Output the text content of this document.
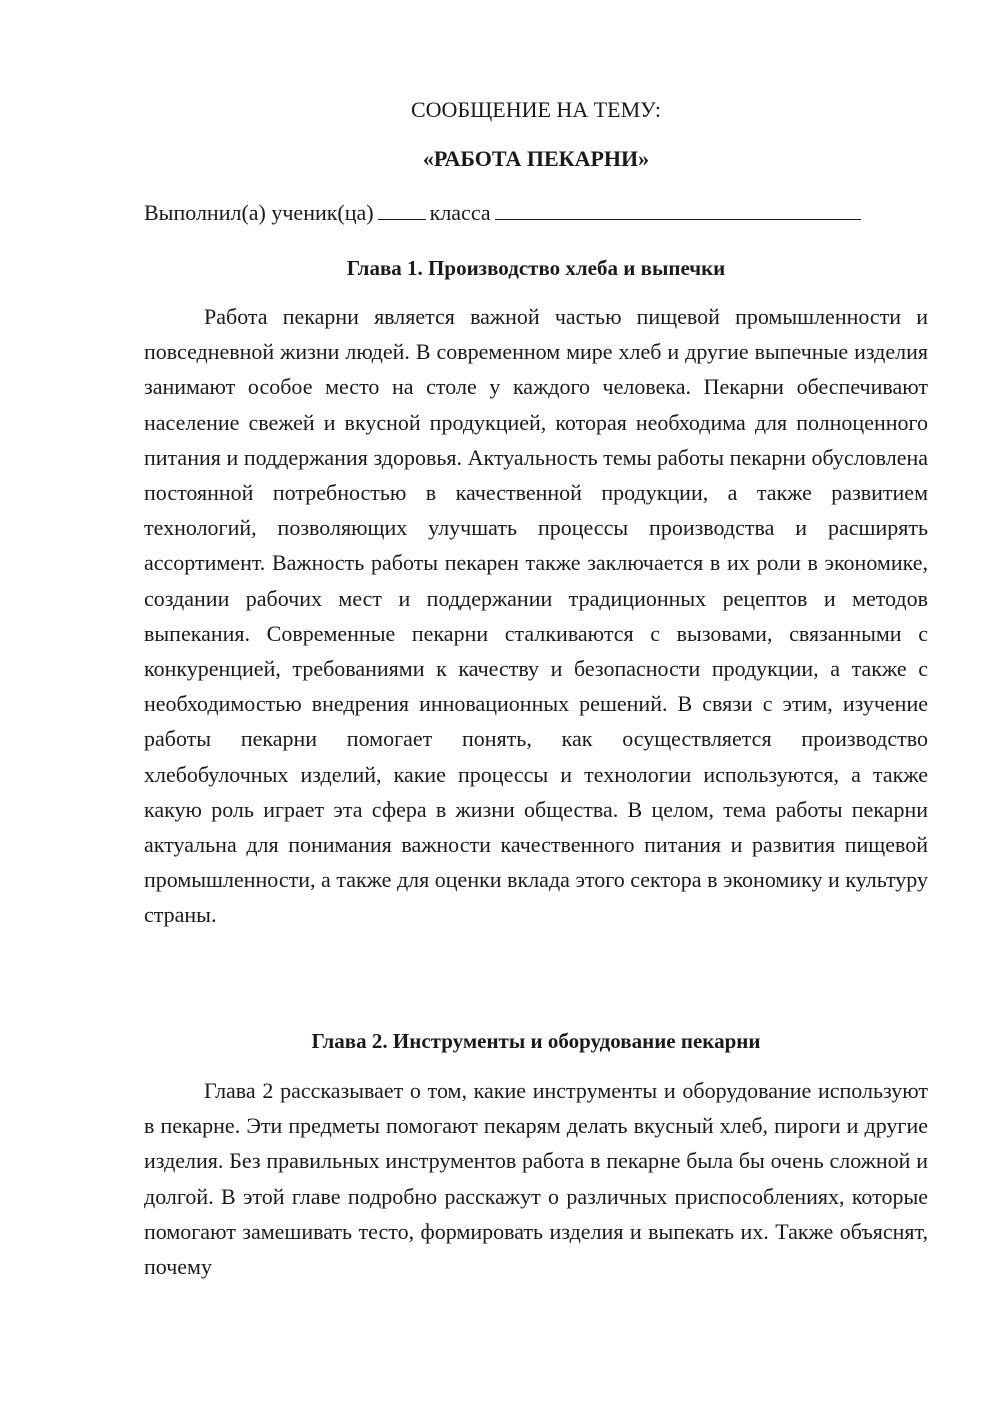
СООБЩЕНИЕ НА ТЕМУ:
«РАБОТА ПЕКАРНИ»
Выполнил(а) ученик(ца)	класса
Глава 1. Производство хлеба и выпечки

Работа пекарни является важной частью пищевой промышленности и повседневной жизни людей. В современном мире хлеб и другие выпечные изделия занимают особое место на столе у каждого человека. Пекарни обеспечивают население свежей и вкусной продукцией, которая необходима для полноценного питания и поддержания здоровья. Актуальность темы работы пекарни обусловлена постоянной потребностью в качественной продукции, а также развитием технологий, позволяющих улучшать процессы производства и расширять ассортимент. Важность работы пекарен также заключается в их роли в экономике, создании рабочих мест и поддержании традиционных рецептов и методов выпекания. Современные пекарни сталкиваются с вызовами, связанными с конкуренцией, требованиями к качеству и безопасности продукции, а также с необходимостью внедрения инновационных решений. В связи с этим, изучение работы пекарни помогает понять, как осуществляется производство хлебобулочных изделий, какие процессы и технологии используются, а также какую роль играет эта сфера в жизни общества. В целом, тема работы пекарни актуальна для понимания важности качественного питания и развития пищевой промышленности, а также для оценки вклада этого сектора в экономику и культуру страны.

Глава 2. Инструменты и оборудование пекарни

Глава 2 рассказывает о том, какие инструменты и оборудование используют в пекарне. Эти предметы помогают пекарям делать вкусный хлеб, пироги и другие изделия. Без правильных инструментов работа в пекарне была бы очень сложной и долгой. В этой главе подробно расскажут о различных приспособлениях, которые помогают замешивать тесто, формировать изделия и выпекать их. Также объяснят, почему
